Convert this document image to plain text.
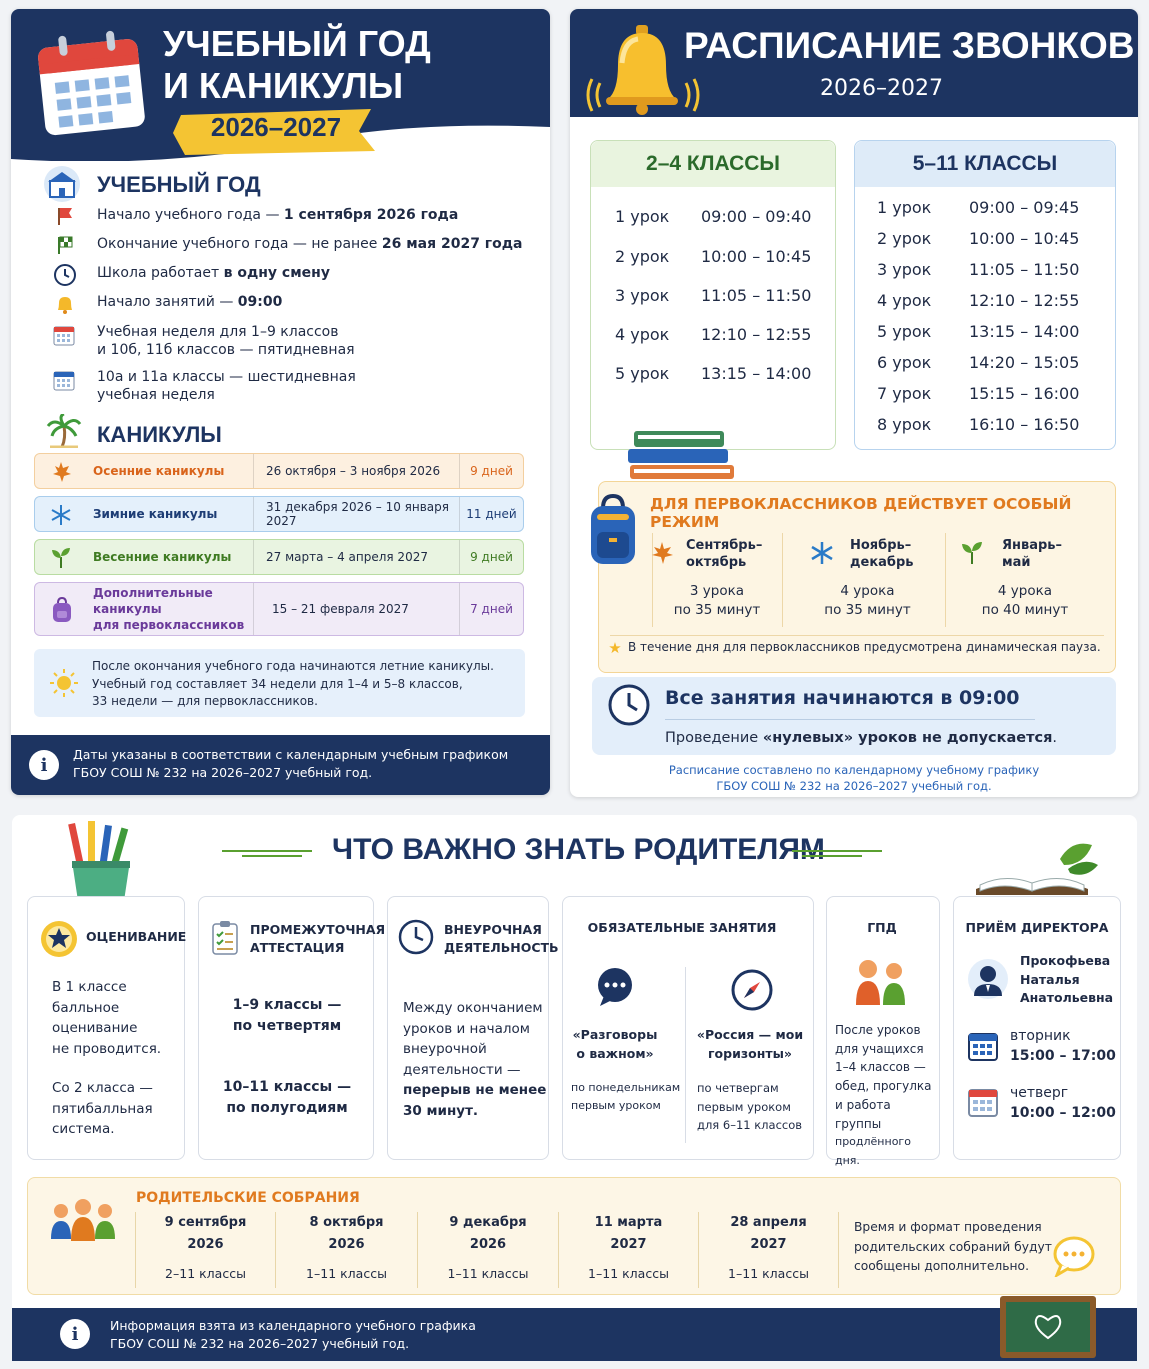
УЧЕБНЫЙ ГОД
И КАНИКУЛЫ
2026–2027
УЧЕБНЫЙ ГОД
Начало учебного года — 1 сентября 2026 года
Окончание учебного года — не ранее 26 мая 2027 года
Школа работает в одну смену
Начало занятий — 09:00
Учебная неделя для 1–9 классов
и 10б, 11б классов — пятидневная
10а и 11а классы — шестидневная
учебная неделя
КАНИКУЛЫ
Осенние каникулы	26 октября – 3 ноября 2026	9 дней
Зимние каникулы	31 декабря 2026 – 10 января 2027	11 дней
Весенние каникулы	27 марта – 4 апреля 2027	9 дней
Дополнительные каникулы
для первоклассников
15 – 21 февраля 2027	7 дней
После окончания учебного года начинаются летние каникулы.
Учебный год составляет 34 недели для 1–4 и 5–8 классов,
33 недели — для первоклассников.
i	Даты указаны в соответствии с календарным учебным графиком
ГБОУ СОШ № 232 на 2026–2027 учебный год.
РАСПИСАНИЕ ЗВОНКОВ
2026–2027
2–4 КЛАССЫ
1 урок	09:00 – 09:40
2 урок	10:00 – 10:45
3 урок	11:05 – 11:50
4 урок	12:10 – 12:55
5 урок	13:15 – 14:00
5–11 КЛАССЫ
1 урок	09:00 – 09:45
2 урок	10:00 – 10:45
3 урок	11:05 – 11:50
4 урок	12:10 – 12:55
5 урок	13:15 – 14:00
6 урок	14:20 – 15:05
7 урок	15:15 – 16:00
8 урок	16:10 – 16:50
ДЛЯ ПЕРВОКЛАССНИКОВ ДЕЙСТВУЕТ ОСОБЫЙ РЕЖИМ
Сентябрь–
октябрь
3 урока
по 35 минут
Ноябрь–
декабрь
4 урока
по 35 минут
Январь–
май
4 урока
по 40 минут
★ В течение дня для первоклассников предусмотрена динамическая пауза.
Все занятия начинаются в 09:00
Проведение «нулевых» уроков не допускается.
Расписание составлено по календарному учебному графику
ГБОУ СОШ № 232 на 2026–2027 учебный год.
ЧТО ВАЖНО ЗНАТЬ РОДИТЕЛЯМ
ОЦЕНИВАНИЕ
В 1 классе
балльное
оценивание
не проводится.
Со 2 класса —
пятибалльная
система.
ПРОМЕЖУТОЧНАЯ
АТТЕСТАЦИЯ
1–9 классы —
по четвертям
10–11 классы —
по полугодиям
ВНЕУРОЧНАЯ
ДЕЯТЕЛЬНОСТЬ
Между окончанием
уроков и началом
внеурочной
деятельности —
перерыв не менее
30 минут.
ОБЯЗАТЕЛЬНЫЕ ЗАНЯТИЯ
«Разговоры
о важном»
по понедельникам
первым уроком
«Россия — мои
горизонты»
по четвергам
первым уроком
для 6–11 классов
ГПД
После уроков
для учащихся
1–4 классов —
обед, прогулка
и работа
группы
продлённого дня.
ПРИЁМ ДИРЕКТОРА
Прокофьева
Наталья
Анатольевна
вторник
15:00 – 17:00
четверг
10:00 – 12:00
РОДИТЕЛЬСКИЕ СОБРАНИЯ
9 сентября
2026
2–11 классы
8 октября
2026
1–11 классы
9 декабря
2026
1–11 классы
11 марта
2027
1–11 классы
28 апреля
2027
1–11 классы
Время и формат проведения
родительских собраний будут
сообщены дополнительно.
i	Информация взята из календарного учебного графика
ГБОУ СОШ № 232 на 2026–2027 учебный год.
